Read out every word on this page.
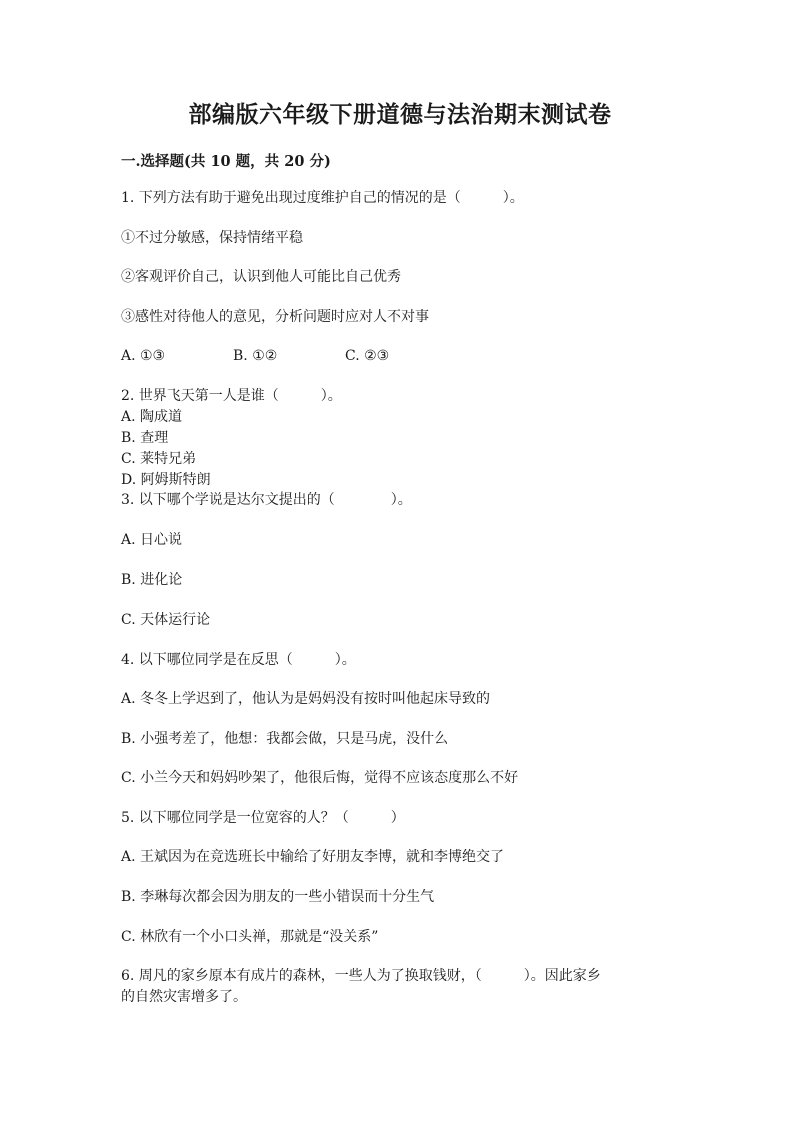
部编版六年级下册道德与法治期末测试卷
一.选择题(共 10 题，共 20 分)
1. 下列方法有助于避免出现过度维护自己的情况的是（　　　）。
①不过分敏感，保持情绪平稳
②客观评价自己，认识到他人可能比自己优秀
③感性对待他人的意见，分析问题时应对人不对事
A. ①③	B. ①②	C. ②③
2. 世界飞天第一人是谁（　　　）。
A. 陶成道
B. 查理
C. 莱特兄弟
D. 阿姆斯特朗
3. 以下哪个学说是达尔文提出的（　　　　）。
A. 日心说
B. 进化论
C. 天体运行论
4. 以下哪位同学是在反思（　　　）。
A. 冬冬上学迟到了，他认为是妈妈没有按时叫他起床导致的
B. 小强考差了，他想：我都会做，只是马虎，没什么
C. 小兰今天和妈妈吵架了，他很后悔，觉得不应该态度那么不好
5. 以下哪位同学是一位宽容的人？（　　　）
A. 王斌因为在竞选班长中输给了好朋友李博，就和李博绝交了
B. 李琳每次都会因为朋友的一些小错误而十分生气
C. 林欣有一个小口头禅，那就是“没关系”
6. 周凡的家乡原本有成片的森林，一些人为了换取钱财，（　　　）。因此家乡
的自然灾害增多了。
